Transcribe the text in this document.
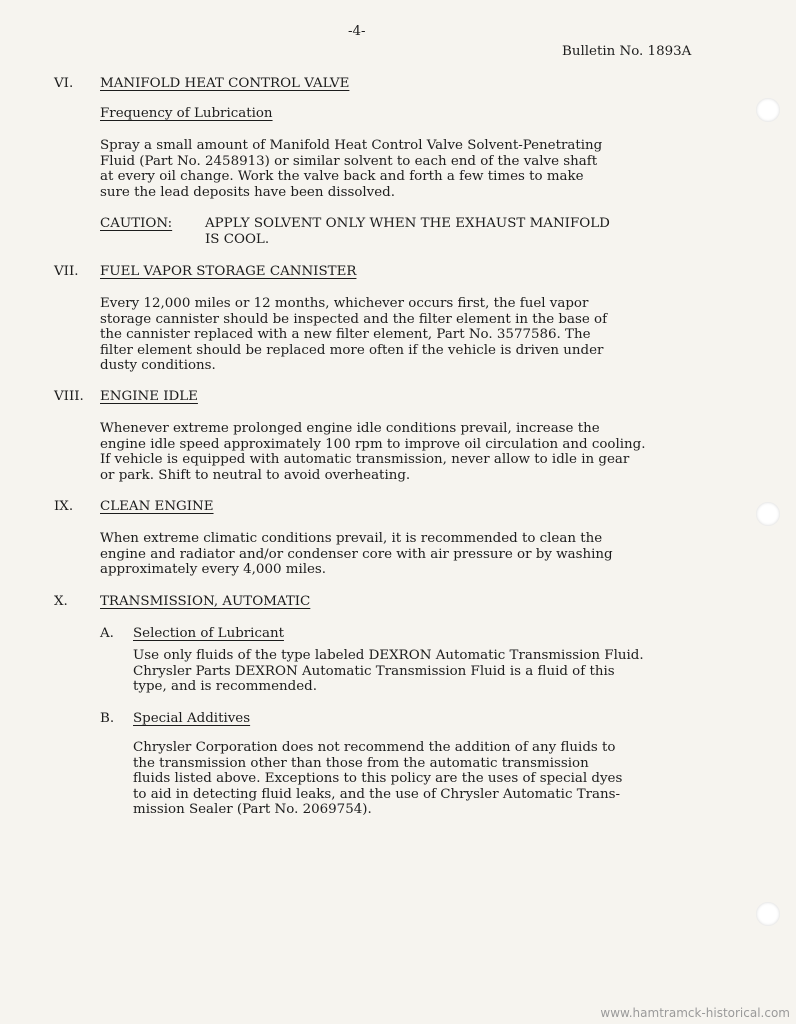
-4-
Bulletin No. 1893A
VI. MANIFOLD HEAT CONTROL VALVE
Frequency of Lubrication
Spray a small amount of Manifold Heat Control Valve Solvent-Penetrating
Fluid (Part No. 2458913) or similar solvent to each end of the valve shaft
at every oil change. Work the valve back and forth a few times to make
sure the lead deposits have been dissolved.
CAUTION: APPLY SOLVENT ONLY WHEN THE EXHAUST MANIFOLD
IS COOL.
VII. FUEL VAPOR STORAGE CANNISTER
Every 12,000 miles or 12 months, whichever occurs first, the fuel vapor
storage cannister should be inspected and the filter element in the base of
the cannister replaced with a new filter element, Part No. 3577586. The
filter element should be replaced more often if the vehicle is driven under
dusty conditions.
VIII. ENGINE IDLE
Whenever extreme prolonged engine idle conditions prevail, increase the
engine idle speed approximately 100 rpm to improve oil circulation and cooling.
If vehicle is equipped with automatic transmission, never allow to idle in gear
or park. Shift to neutral to avoid overheating.
IX. CLEAN ENGINE
When extreme climatic conditions prevail, it is recommended to clean the
engine and radiator and/or condenser core with air pressure or by washing
approximately every 4,000 miles.
X. TRANSMISSION, AUTOMATIC
A. Selection of Lubricant
Use only fluids of the type labeled DEXRON Automatic Transmission Fluid.
Chrysler Parts DEXRON Automatic Transmission Fluid is a fluid of this
type, and is recommended.
B. Special Additives
Chrysler Corporation does not recommend the addition of any fluids to
the transmission other than those from the automatic transmission
fluids listed above. Exceptions to this policy are the uses of special dyes
to aid in detecting fluid leaks, and the use of Chrysler Automatic Trans-
mission Sealer (Part No. 2069754).
www.hamtramck-historical.com
